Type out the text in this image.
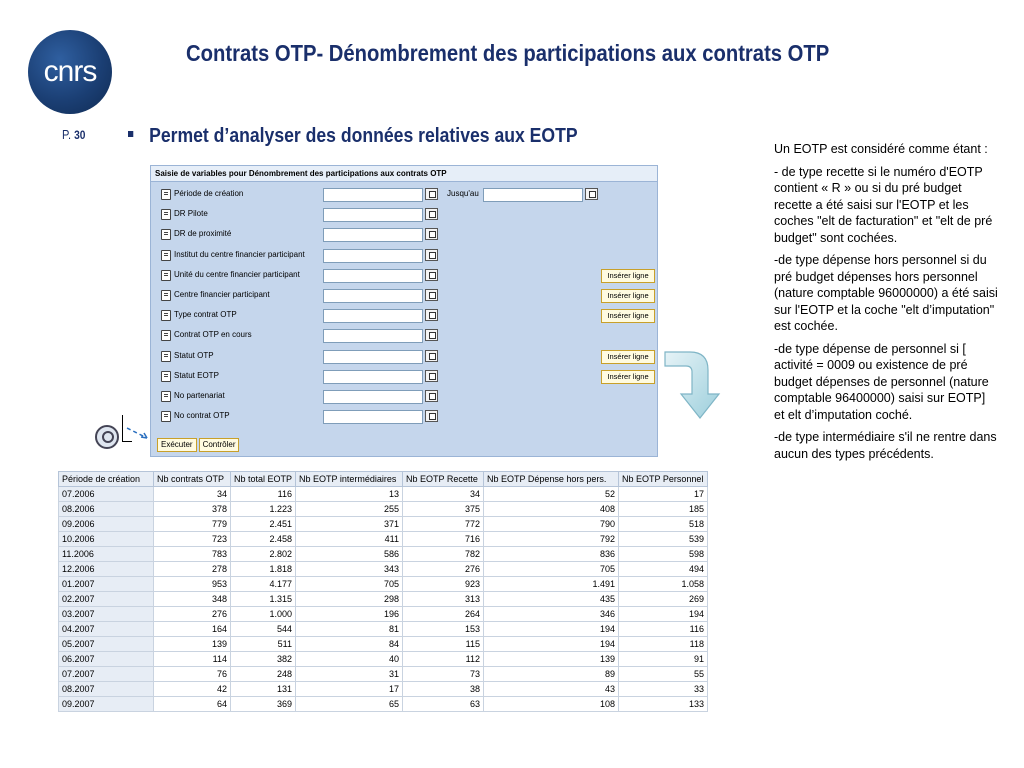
cnrs
Contrats OTP- Dénombrement des participations aux contrats OTP
P. 30	Permet d’analyser des données relatives aux EOTP
Saisie de variables pour Dénombrement des participations aux contrats OTP
Période de création	Jusqu'au
DR Pilote
DR de proximité
Institut du centre financier participant
Unité du centre financier participant	Insérer ligne
Centre financier participant	Insérer ligne
Type contrat OTP	Insérer ligne
Contrat OTP en cours
Statut OTP	Insérer ligne
Statut EOTP	Insérer ligne
No partenariat
No contrat OTP
Exécuter Contrôler

Un EOTP est considéré comme étant :

- de type recette si le numéro d'EOTP contient « R » ou si du pré budget recette a été saisi sur l'EOTP et les coches "elt de facturation" et "elt de pré budget" sont cochées.

-de type dépense hors personnel si du pré budget dépenses hors personnel (nature comptable 96000000) a été saisi sur l'EOTP et la coche "elt d’imputation" est cochée.

-de type dépense de personnel si [ activité = 0009 ou existence de pré budget dépenses de personnel (nature comptable 96400000) saisi sur EOTP] et elt d’imputation coché.

-de type intermédiaire s'il ne rentre dans aucun des types précédents.

Période de création	Nb contrats OTP	Nb total EOTP	Nb EOTP intermédiaires	Nb EOTP Recette	Nb EOTP Dépense hors pers.	Nb EOTP Personnel
07.2006	34	116	13	34	52	17
08.2006	378	1.223	255	375	408	185
09.2006	779	2.451	371	772	790	518
10.2006	723	2.458	411	716	792	539
11.2006	783	2.802	586	782	836	598
12.2006	278	1.818	343	276	705	494
01.2007	953	4.177	705	923	1.491	1.058
02.2007	348	1.315	298	313	435	269
03.2007	276	1.000	196	264	346	194
04.2007	164	544	81	153	194	116
05.2007	139	511	84	115	194	118
06.2007	114	382	40	112	139	91
07.2007	76	248	31	73	89	55
08.2007	42	131	17	38	43	33
09.2007	64	369	65	63	108	133
